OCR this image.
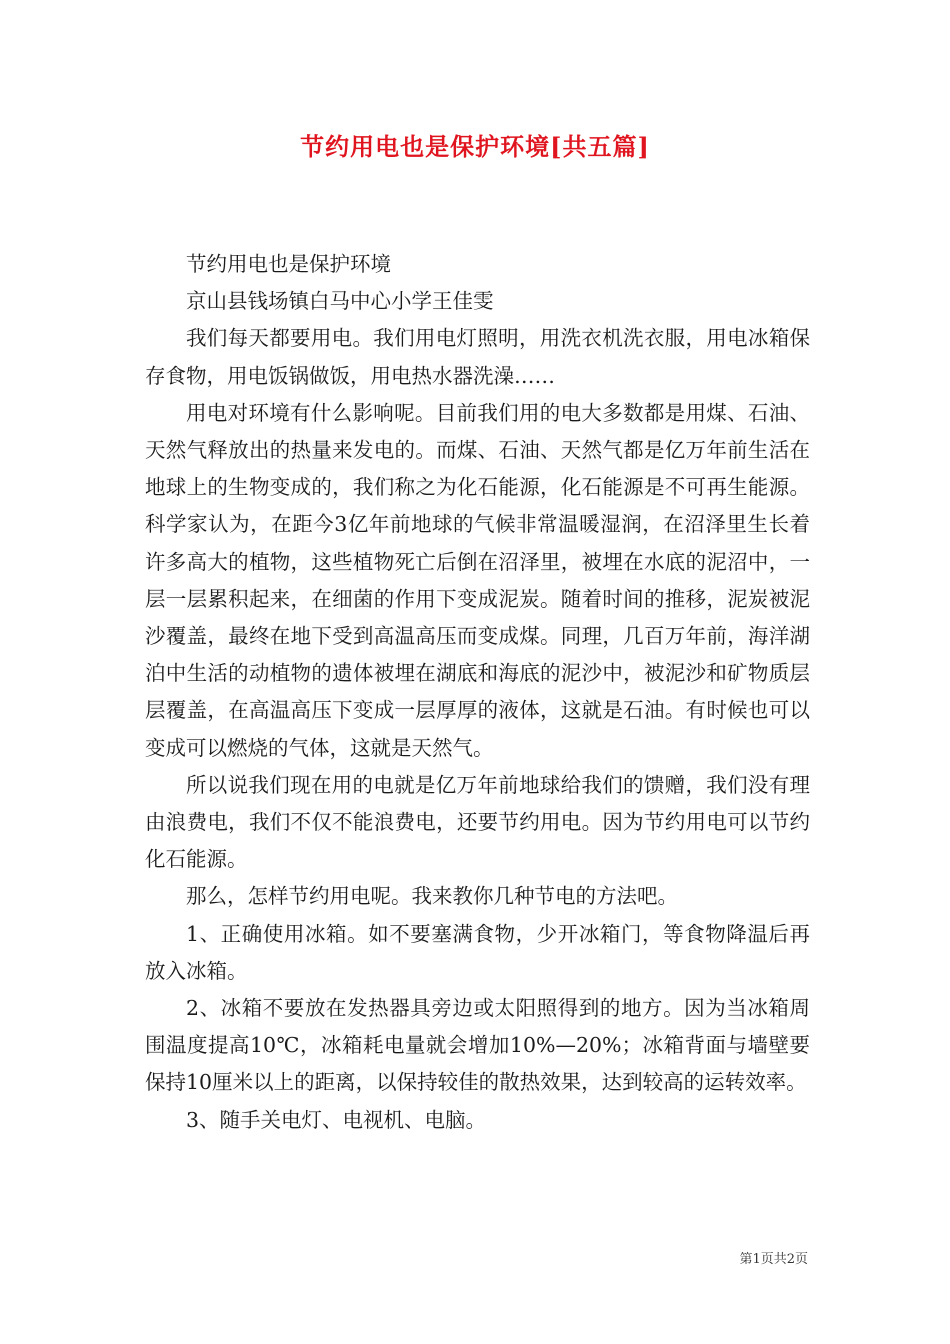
节约用电也是保护环境[共五篇]

节约用电也是保护环境

京山县钱场镇白马中心小学王佳雯

我们每天都要用电。我们用电灯照明，用洗衣机洗衣服，用电冰箱保存食物，用电饭锅做饭，用电热水器洗澡……

用电对环境有什么影响呢。目前我们用的电大多数都是用煤、石油、天然气释放出的热量来发电的。而煤、石油、天然气都是亿万年前生活在地球上的生物变成的，我们称之为化石能源，化石能源是不可再生能源。科学家认为，在距今3亿年前地球的气候非常温暖湿润，在沼泽里生长着许多高大的植物，这些植物死亡后倒在沼泽里，被埋在水底的泥沼中，一层一层累积起来，在细菌的作用下变成泥炭。随着时间的推移，泥炭被泥沙覆盖，最终在地下受到高温高压而变成煤。同理，几百万年前，海洋湖泊中生活的动植物的遗体被埋在湖底和海底的泥沙中，被泥沙和矿物质层层覆盖，在高温高压下变成一层厚厚的液体，这就是石油。有时候也可以变成可以燃烧的气体，这就是天然气。

所以说我们现在用的电就是亿万年前地球给我们的馈赠，我们没有理由浪费电，我们不仅不能浪费电，还要节约用电。因为节约用电可以节约化石能源。

那么，怎样节约用电呢。我来教你几种节电的方法吧。

1、正确使用冰箱。如不要塞满食物，少开冰箱门，等食物降温后再放入冰箱。

2、冰箱不要放在发热器具旁边或太阳照得到的地方。因为当冰箱周围温度提高10℃，冰箱耗电量就会增加10%—20%；冰箱背面与墙壁要保持10厘米以上的距离，以保持较佳的散热效果，达到较高的运转效率。

3、随手关电灯、电视机、电脑。

第1页共2页
